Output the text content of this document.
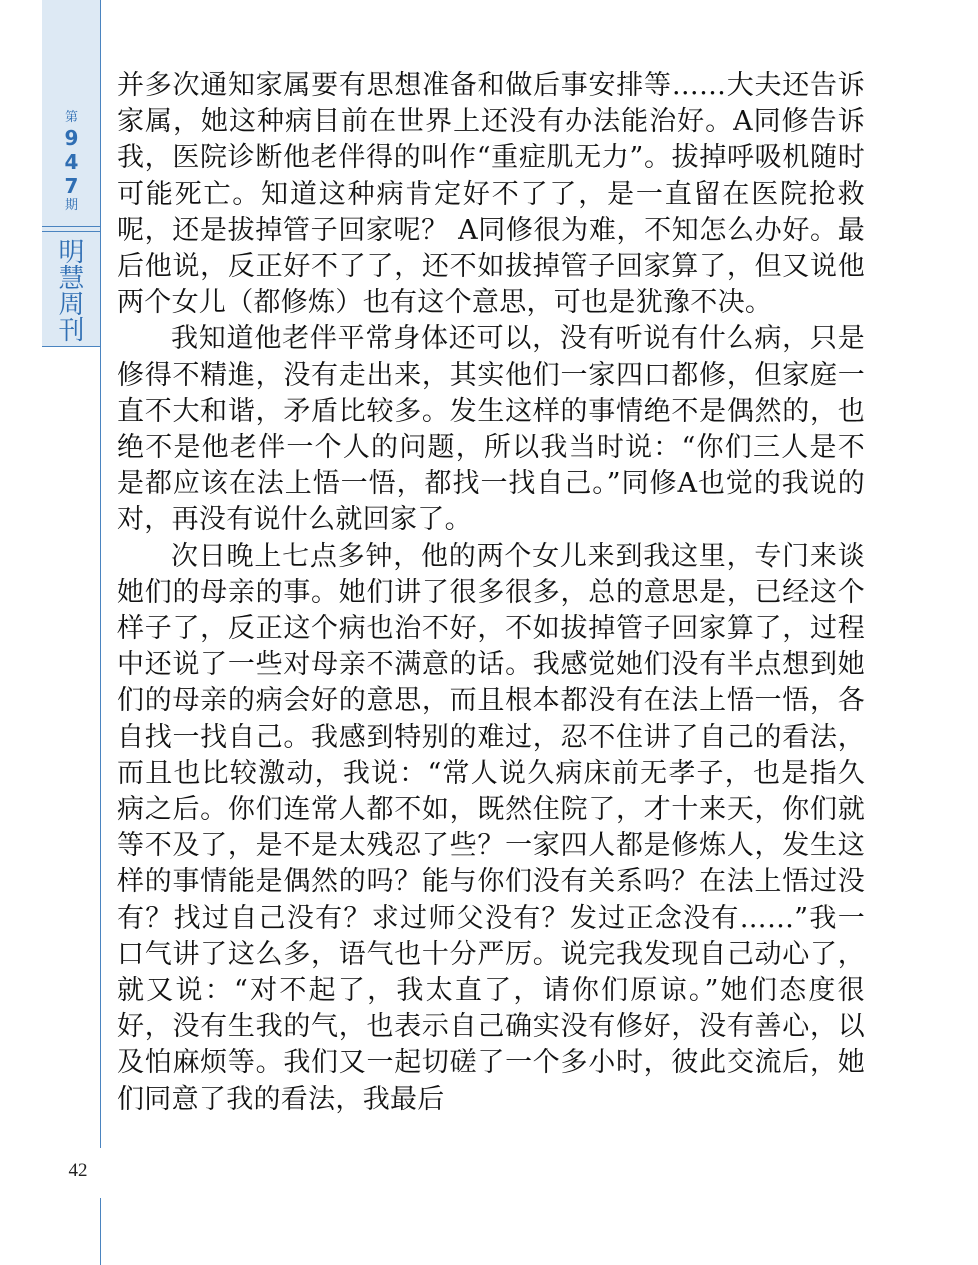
第
9
4
7
期
明
慧
周
刊
42

并多次通知家属要有思想准备和做后事安排等……大夫还告诉家属，她这种病目前在世界上还没有办法能治好。A同修告诉我，医院诊断他老伴得的叫作“重症肌无力”。拔掉呼吸机随时可能死亡。知道这种病肯定好不了了，是一直留在医院抢救呢，还是拔掉管子回家呢？ A同修很为难，不知怎么办好。最后他说，反正好不了了，还不如拔掉管子回家算了，但又说他两个女儿（都修炼）也有这个意思，可也是犹豫不决。

我知道他老伴平常身体还可以，没有听说有什么病，只是修得不精進，没有走出来，其实他们一家四口都修，但家庭一直不大和谐，矛盾比较多。发生这样的事情绝不是偶然的，也绝不是他老伴一个人的问题，所以我当时说：“你们三人是不是都应该在法上悟一悟，都找一找自己。”同修A也觉的我说的对，再没有说什么就回家了。

次日晚上七点多钟，他的两个女儿来到我这里，专门来谈她们的母亲的事。她们讲了很多很多，总的意思是，已经这个样子了，反正这个病也治不好，不如拔掉管子回家算了，过程中还说了一些对母亲不满意的话。我感觉她们没有半点想到她们的母亲的病会好的意思，而且根本都没有在法上悟一悟，各自找一找自己。我感到特别的难过，忍不住讲了自己的看法，而且也比较激动，我说：“常人说久病床前无孝子，也是指久病之后。你们连常人都不如，既然住院了，才十来天，你们就等不及了，是不是太残忍了些？一家四人都是修炼人，发生这样的事情能是偶然的吗？能与你们没有关系吗？在法上悟过没有？找过自己没有？求过师父没有？发过正念没有……”我一口气讲了这么多，语气也十分严厉。说完我发现自己动心了，就又说：“对不起了，我太直了，请你们原谅。”她们态度很好，没有生我的气，也表示自己确实没有修好，没有善心，以及怕麻烦等。我们又一起切磋了一个多小时，彼此交流后，她们同意了我的看法，我最后
